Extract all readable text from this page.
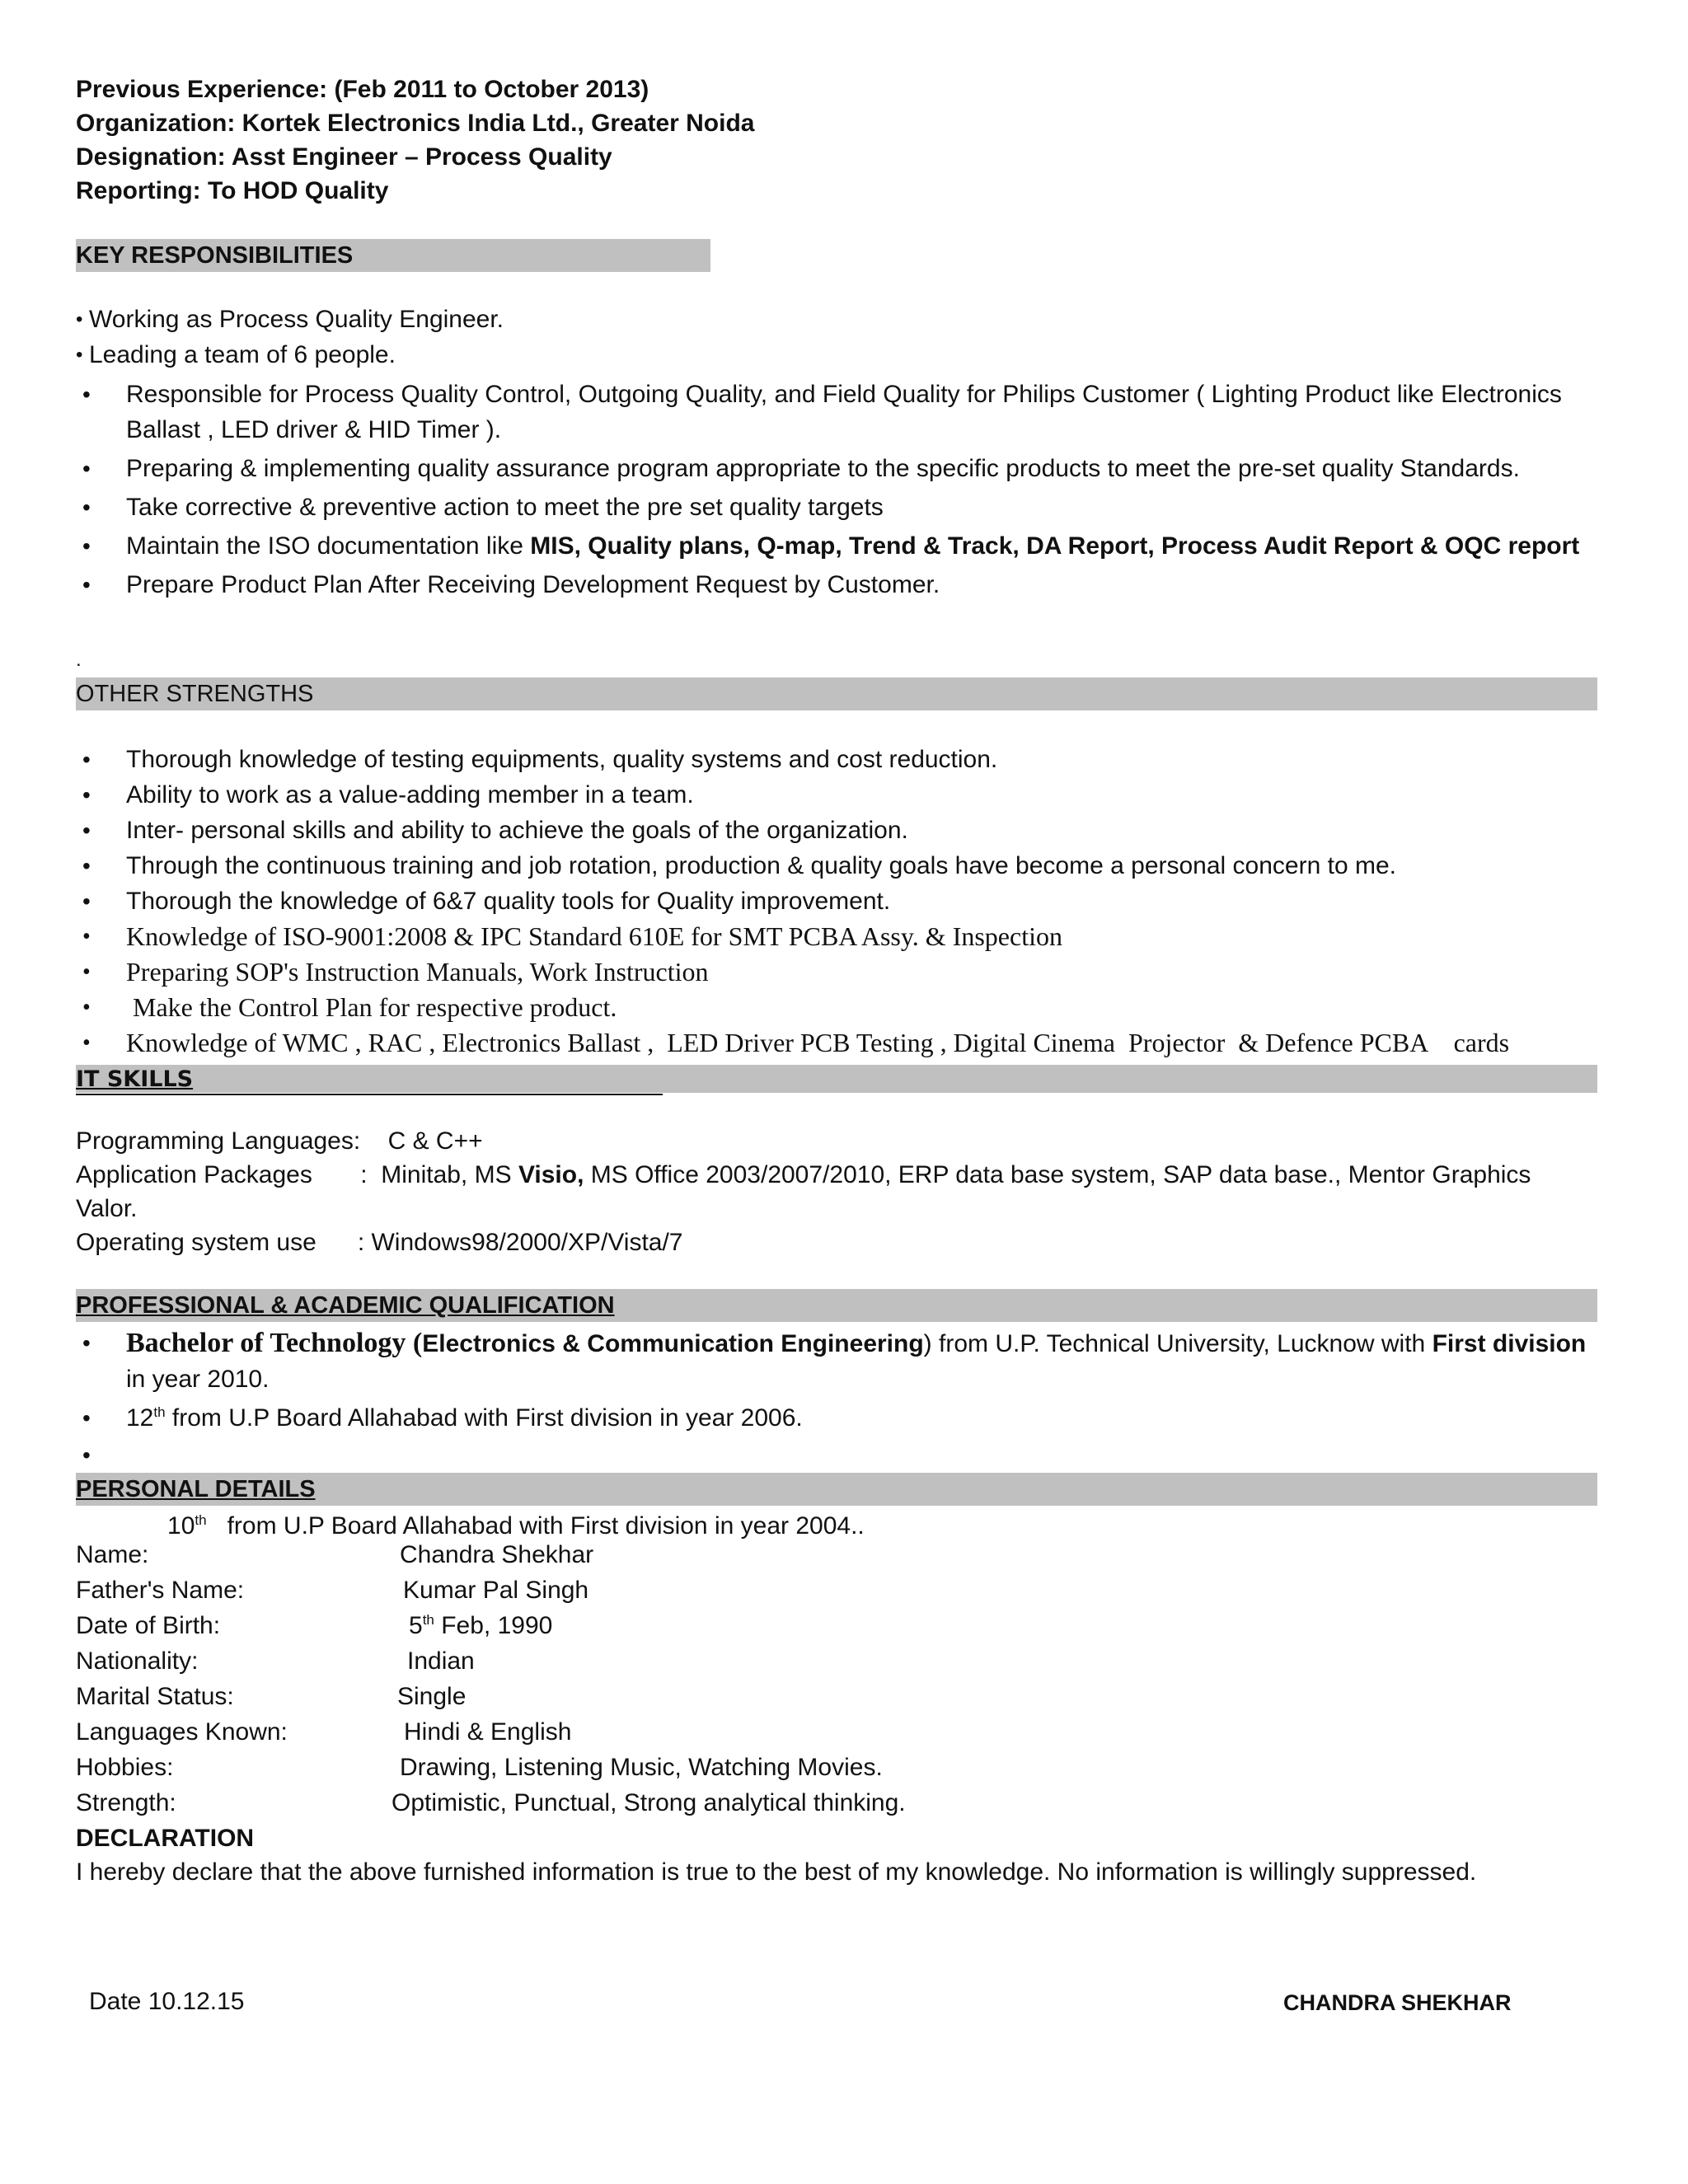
Previous Experience: (Feb 2011 to October 2013)
Organization: Kortek Electronics India Ltd., Greater Noida
Designation: Asst Engineer – Process Quality
Reporting: To HOD Quality
KEY RESPONSIBILITIES
• Working as Process Quality Engineer.
• Leading a team of 6 people.
• Responsible for Process Quality Control, Outgoing Quality, and Field Quality for Philips Customer ( Lighting Product like Electronics Ballast , LED driver & HID Timer ).
• Preparing & implementing quality assurance program appropriate to the specific products to meet the pre-set quality Standards.
• Take corrective & preventive action to meet the pre set quality targets
• Maintain the ISO documentation like MIS, Quality plans, Q-map, Trend & Track, DA Report, Process Audit Report & OQC report
• Prepare Product Plan After Receiving Development Request by Customer.
.
OTHER STRENGTHS
• Thorough knowledge of testing equipments, quality systems and cost reduction.
• Ability to work as a value-adding member in a team.
• Inter- personal skills and ability to achieve the goals of the organization.
• Through the continuous training and job rotation, production & quality goals have become a personal concern to me.
• Thorough the knowledge of 6&7 quality tools for Quality improvement.
• Knowledge of ISO-9001:2008 & IPC Standard 610E for SMT PCBA Assy. & Inspection
• Preparing SOP's Instruction Manuals, Work Instruction
• Make the Control Plan for respective product.
• Knowledge of WMC , RAC , Electronics Ballast ,  LED Driver PCB Testing , Digital Cinema  Projector  & Defence PCBA    cards
IT SKILLS
Programming Languages: C & C++
Application Packages :  Minitab, MS Visio, MS Office 2003/2007/2010, ERP data base system, SAP data base., Mentor Graphics
Valor.
Operating system use : Windows98/2000/XP/Vista/7
PROFESSIONAL & ACADEMIC QUALIFICATION
• Bachelor of Technology (Electronics & Communication Engineering) from U.P. Technical University, Lucknow with First division in year 2010.
• 12th from U.P Board Allahabad with First division in year 2006.

•

10th   from U.P Board Allahabad with First division in year 2004..

PERSONAL DETAILS
Name:	Chandra Shekhar
Father's Name:	Kumar Pal Singh
Date of Birth:	5th Feb, 1990
Nationality:	Indian
Marital Status:	Single
Languages Known:	Hindi & English
Hobbies:	Drawing, Listening Music, Watching Movies.
Strength:	Optimistic, Punctual, Strong analytical thinking.
DECLARATION
I hereby declare that the above furnished information is true to the best of my knowledge. No information is willingly suppressed.
Date 10.12.15	CHANDRA SHEKHAR
